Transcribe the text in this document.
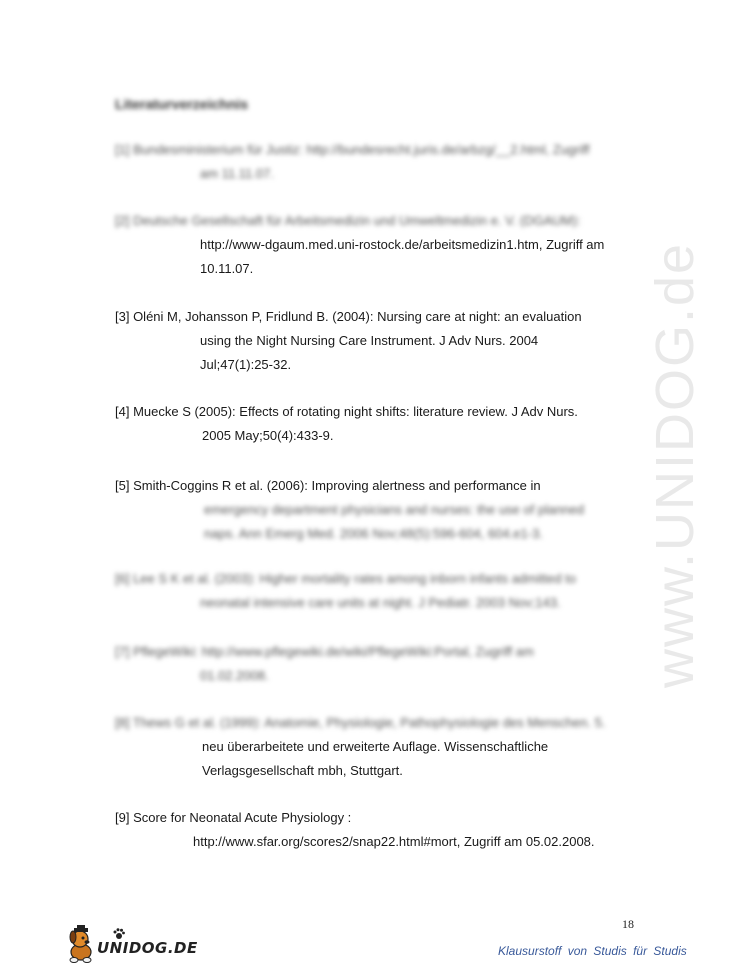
Literaturverzeichnis
[1] Bundesministerium für Justiz: http://bundesrecht.juris.de/arbzg/__2.html, Zugriff
am 11.11.07.
[2] Deutsche Gesellschaft für Arbeitsmedizin und Umweltmedizin e. V. (DGAUM):
http://www-dgaum.med.uni-rostock.de/arbeitsmedizin1.htm, Zugriff am
10.11.07.
[3] Oléni M, Johansson P, Fridlund B. (2004): Nursing care at night: an evaluation
using the Night Nursing Care Instrument. J Adv Nurs. 2004
Jul;47(1):25-32.
[4] Muecke S (2005): Effects of rotating night shifts: literature review. J Adv Nurs.
2005 May;50(4):433-9.
[5] Smith-Coggins R et al. (2006): Improving alertness and performance in
emergency department physicians and nurses: the use of planned
naps. Ann Emerg Med. 2006 Nov;48(5):596-604, 604.e1-3.
[6] Lee S K et al. (2003): Higher mortality rates among inborn infants admitted to
neonatal intensive care units at night. J Pediatr. 2003 Nov;143.
[7] PflegeWiki: http://www.pflegewiki.de/wiki/PflegeWiki:Portal, Zugriff am
01.02.2008.
[8] Thews G et al. (1999): Anatomie, Physiologie, Pathophysiologie des Menschen. 5.
neu überarbeitete und erweiterte Auflage. Wissenschaftliche
Verlagsgesellschaft mbh, Stuttgart.
[9] Score for Neonatal Acute Physiology :
http://www.sfar.org/scores2/snap22.html#mort, Zugriff am 05.02.2008.
www.UNIDOG.de
18
UNIDOG.DE	Klausurstoff von Studis für Studis
